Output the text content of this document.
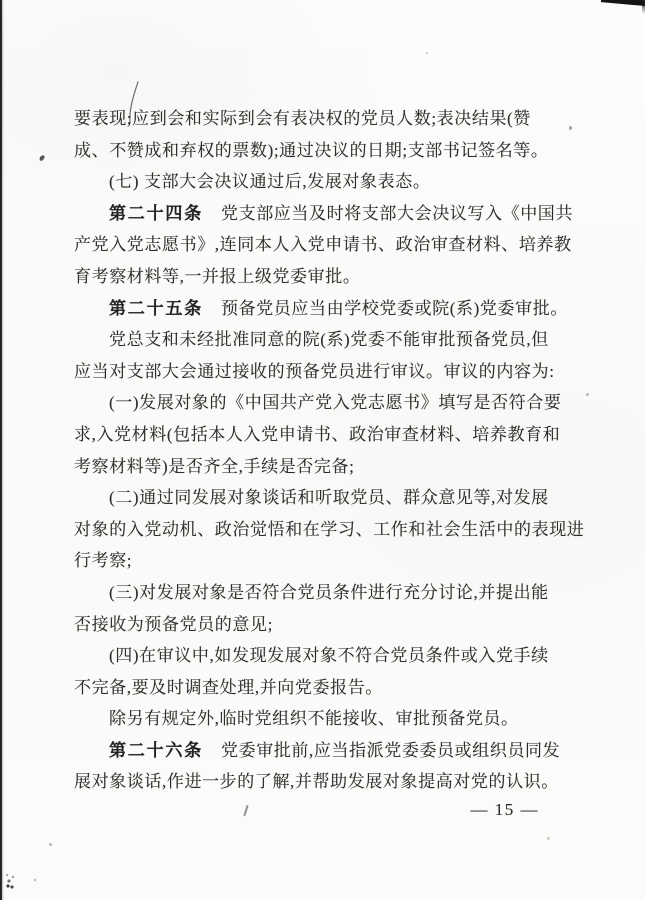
要表现;应到会和实际到会有表决权的党员人数;表决结果(赞
成、不赞成和弃权的票数);通过决议的日期;支部书记签名等。
(七) 支部大会决议通过后,发展对象表态。
第二十四条 党支部应当及时将支部大会决议写入《中国共
产党入党志愿书》,连同本人入党申请书、政治审查材料、培养教
育考察材料等,一并报上级党委审批。
第二十五条 预备党员应当由学校党委或院(系)党委审批。
党总支和未经批准同意的院(系)党委不能审批预备党员,但
应当对支部大会通过接收的预备党员进行审议。审议的内容为:
(一)发展对象的《中国共产党入党志愿书》填写是否符合要
求,入党材料(包括本人入党申请书、政治审查材料、培养教育和
考察材料等)是否齐全,手续是否完备;
(二)通过同发展对象谈话和听取党员、群众意见等,对发展
对象的入党动机、政治觉悟和在学习、工作和社会生活中的表现进
行考察;
(三)对发展对象是否符合党员条件进行充分讨论,并提出能
否接收为预备党员的意见;
(四)在审议中,如发现发展对象不符合党员条件或入党手续
不完备,要及时调查处理,并向党委报告。
除另有规定外,临时党组织不能接收、审批预备党员。
第二十六条 党委审批前,应当指派党委委员或组织员同发
展对象谈话,作进一步的了解,并帮助发展对象提高对党的认识。
— 15 —
